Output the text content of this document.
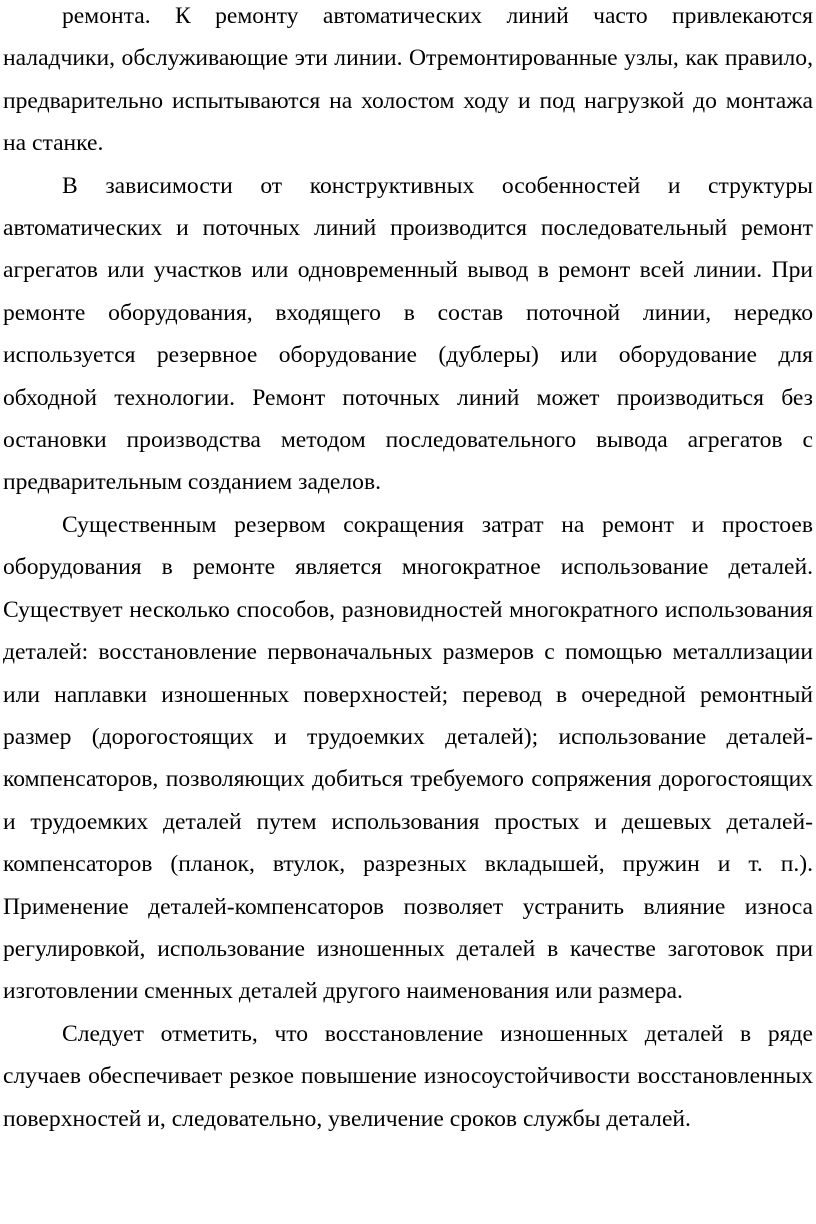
ремонта. К ремонту автоматических линий часто привлекаются наладчики, обслуживающие эти линии. Отремонтированные узлы, как правило, предварительно испытываются на холостом ходу и под нагрузкой до монтажа на станке.

В зависимости от конструктивных особенностей и структуры автоматических и поточных линий производится последовательный ремонт агрегатов или участков или одновременный вывод в ремонт всей линии. При ремонте оборудования, входящего в состав поточной линии, нередко используется резервное оборудование (дублеры) или оборудование для обходной технологии. Ремонт поточных линий может производиться без остановки производства методом последовательного вывода агрегатов с предварительным созданием заделов.

Существенным резервом сокращения затрат на ремонт и простоев оборудования в ремонте является многократное использование деталей. Существует несколько способов, разновидностей многократного использования деталей: восстановление первоначальных размеров с помощью металлизации или наплавки изношенных поверхностей; перевод в очередной ремонтный размер (дорогостоящих и трудоемких деталей); использование деталей-компенсаторов, позволяющих добиться требуемого сопряжения дорогостоящих и трудоемких деталей путем использования простых и дешевых деталей-компенсаторов (планок, втулок, разрезных вкладышей, пружин и т. п.). Применение деталей-компенсаторов позволяет устранить влияние износа регулировкой, использование изношенных деталей в качестве заготовок при изготовлении сменных деталей другого наименования или размера.

Следует отметить, что восстановление изношенных деталей в ряде случаев обеспечивает резкое повышение износоустойчивости восстановленных поверхностей и, следовательно, увеличение сроков службы деталей.
